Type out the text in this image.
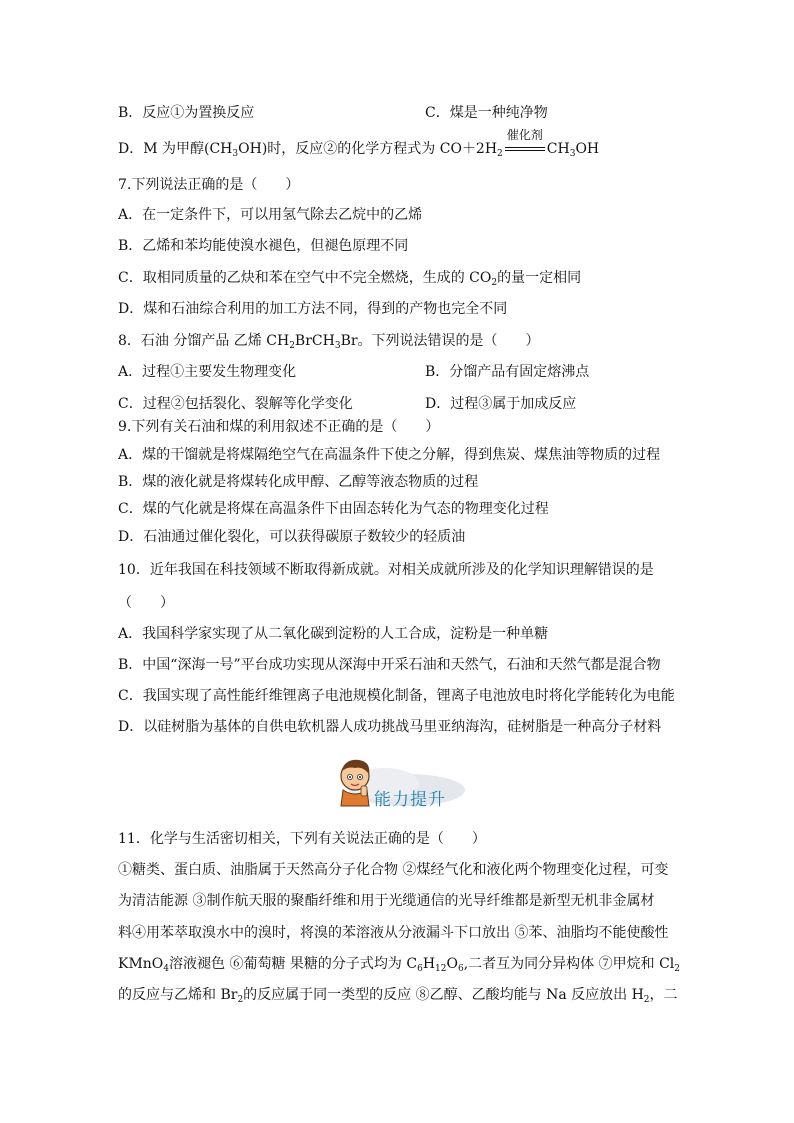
B．反应①为置换反应	C．煤是一种纯净物
D．M 为甲醇$(CH_3OH)$时，反应②的化学方程式为 $CO+2H_2$
催化剂
$CH_3OH$
7.下列说法正确的是（　　）
A．在一定条件下，可以用氢气除去乙烷中的乙烯
B．乙烯和苯均能使溴水褪色，但褪色原理不同
C．取相同质量的乙炔和苯在空气中不完全燃烧，生成的 $CO_2$的量一定相同
D．煤和石油综合利用的加工方法不同，得到的产物也完全不同
8．石油 分馏产品 乙烯 $CH_2BrCH_3Br$。下列说法错误的是（　　）
A．过程①主要发生物理变化	B．分馏产品有固定熔沸点
C．过程②包括裂化、裂解等化学变化	D．过程③属于加成反应
9.下列有关石油和煤的利用叙述不正确的是（　　）
A．煤的干馏就是将煤隔绝空气在高温条件下使之分解，得到焦炭、煤焦油等物质的过程
B．煤的液化就是将煤转化成甲醇、乙醇等液态物质的过程
C．煤的气化就是将煤在高温条件下由固态转化为气态的物理变化过程
D．石油通过催化裂化，可以获得碳原子数较少的轻质油
10．近年我国在科技领域不断取得新成就。对相关成就所涉及的化学知识理解错误的是
（　　）
A．我国科学家实现了从二氧化碳到淀粉的人工合成，淀粉是一种单糖
B．中国“深海一号”平台成功实现从深海中开采石油和天然气，石油和天然气都是混合物
C．我国实现了高性能纤维锂离子电池规模化制备，锂离子电池放电时将化学能转化为电能
D．以硅树脂为基体的自供电软机器人成功挑战马里亚纳海沟，硅树脂是一种高分子材料
能力提升
11．化学与生活密切相关，下列有关说法正确的是（　　）
①糖类、蛋白质、油脂属于天然高分子化合物 ②煤经气化和液化两个物理变化过程，可变
为清洁能源 ③制作航天服的聚酯纤维和用于光缆通信的光导纤维都是新型无机非金属材
料④用苯萃取溴水中的溴时，将溴的苯溶液从分液漏斗下口放出 ⑤苯、油脂均不能使酸性
KMnO$_4$溶液褪色 ⑥葡萄糖 果糖的分子式均为 $C_6H_{12}O_6$,二者互为同分异构体 ⑦甲烷和 $Cl_2$
的反应与乙烯和 $Br_2$的反应属于同一类型的反应 ⑧乙醇、乙酸均能与 Na 反应放出 $H_2$，二
